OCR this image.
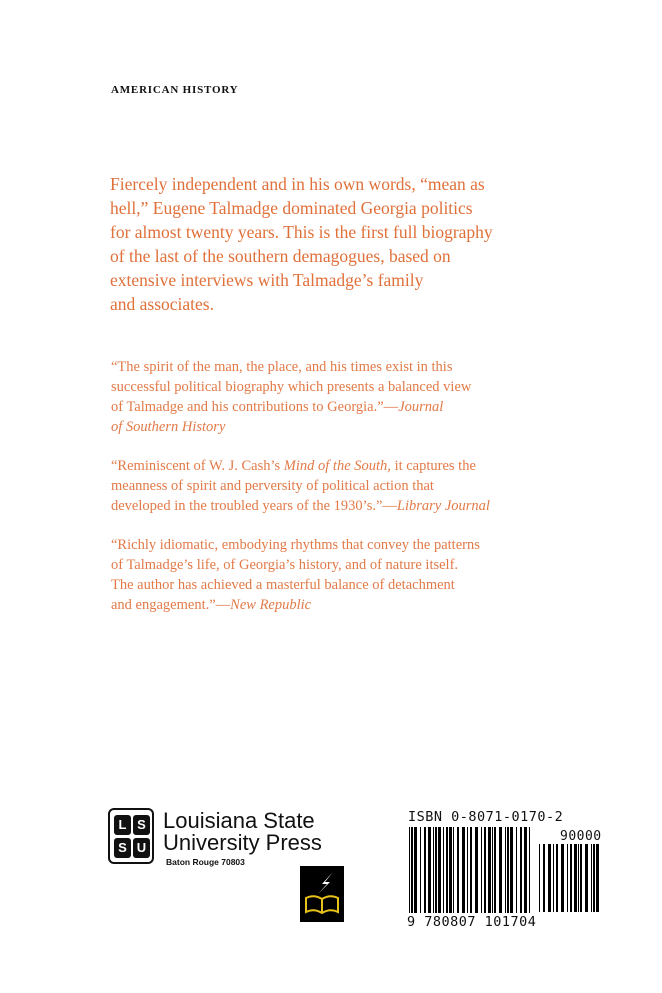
AMERICAN HISTORY
Fiercely independent and in his own words, “mean as
hell,” Eugene Talmadge dominated Georgia politics
for almost twenty years. This is the first full biography
of the last of the southern demagogues, based on
extensive interviews with Talmadge’s family
and associates.
“The spirit of the man, the place, and his times exist in this
successful political biography which presents a balanced view
of Talmadge and his contributions to Georgia.”—Journal
of Southern History
“Reminiscent of W. J. Cash’s Mind of the South, it captures the
meanness of spirit and perversity of political action that
developed in the troubled years of the 1930’s.”—Library Journal
“Richly idiomatic, embodying rhythms that convey the patterns
of Talmadge’s life, of Georgia’s history, and of nature itself.
The author has achieved a masterful balance of detachment
and engagement.”—New Republic
L S
S U
Louisiana State
University Press
Baton Rouge 70803
ISBN 0-8071-0170-2
9 780807 101704
90000
